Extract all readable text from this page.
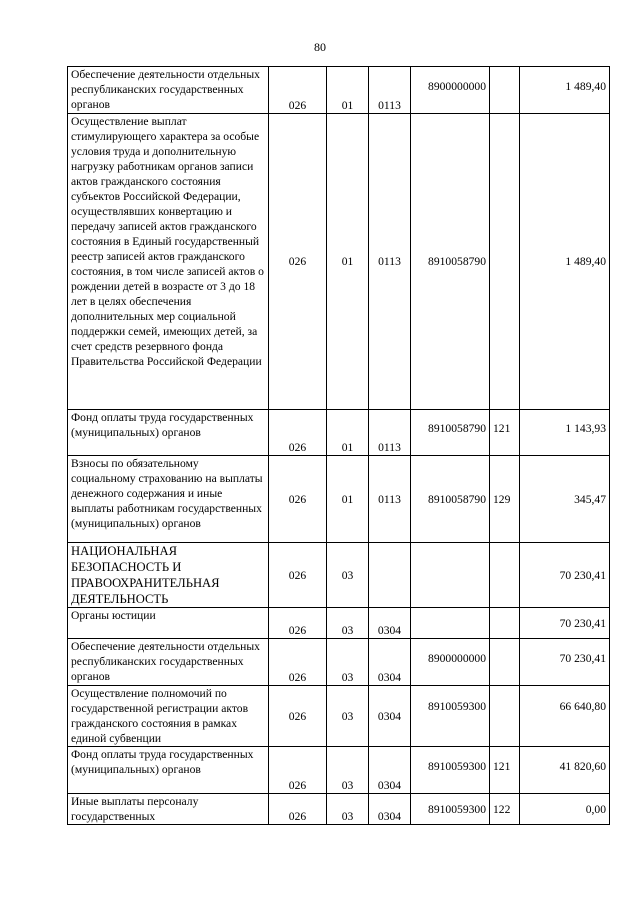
80
Обеспечение деятельности отдельных республиканских государственных органов	026	01	0113	8900000000		1 489,40
Осуществление выплат стимулирующего характера за особые условия труда и дополнительную нагрузку работникам органов записи актов гражданского состояния субъектов Российской Федерации, осуществлявших конвертацию и передачу записей актов гражданского состояния в Единый государственный реестр записей актов гражданского состояния, в том числе записей актов о рождении детей в возрасте от 3 до 18 лет в целях обеспечения дополнительных мер социальной поддержки семей, имеющих детей, за счет средств резервного фонда Правительства Российской Федерации	026	01	0113	8910058790		1 489,40
Фонд оплаты труда государственных (муниципальных) органов	026	01	0113	8910058790	121	1 143,93
Взносы по обязательному социальному страхованию на выплаты денежного содержания и иные выплаты работникам государственных (муниципальных) органов	026	01	0113	8910058790	129	345,47
НАЦИОНАЛЬНАЯ БЕЗОПАСНОСТЬ И ПРАВООХРАНИТЕЛЬНАЯ ДЕЯТЕЛЬНОСТЬ	026	03				70 230,41
Органы юстиции	026	03	0304			70 230,41
Обеспечение деятельности отдельных республиканских государственных органов	026	03	0304	8900000000		70 230,41
Осуществление полномочий по государственной регистрации актов гражданского состояния в рамках единой субвенции	026	03	0304	8910059300		66 640,80
Фонд оплаты труда государственных (муниципальных) органов	026	03	0304	8910059300	121	41 820,60
Иные выплаты персоналу государственных	026	03	0304	8910059300	122	0,00
